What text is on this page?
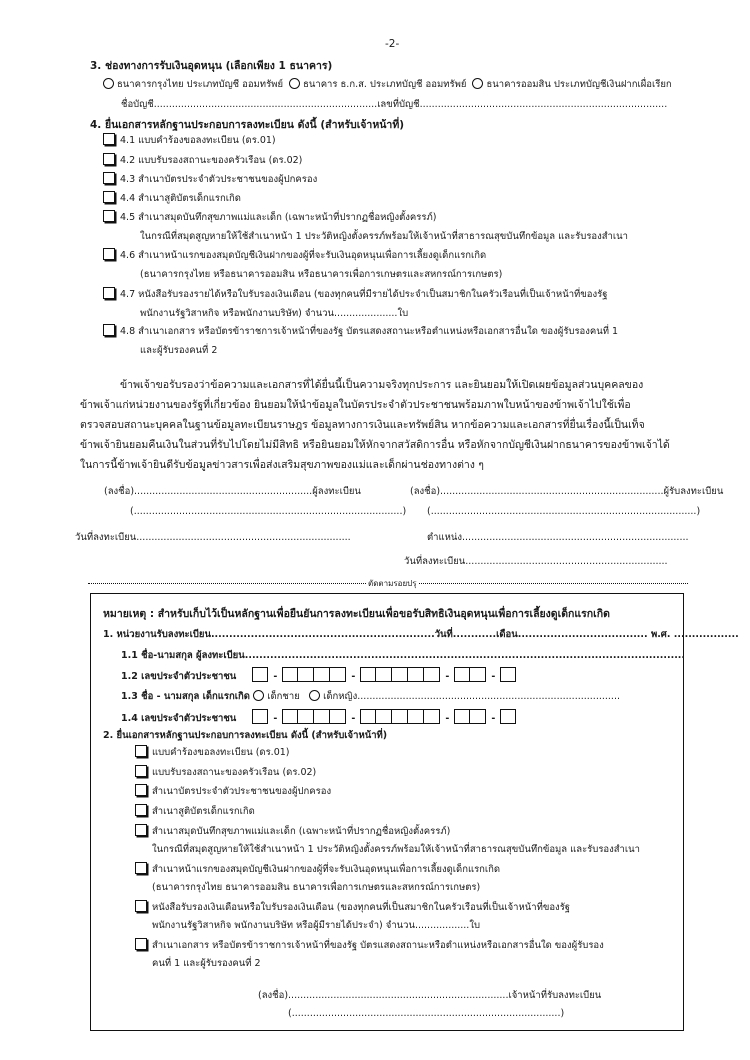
-2-
3. ช่องทางการรับเงินอุดหนุน (เลือกเพียง 1 ธนาคาร)
ธนาคารกรุงไทย ประเภทบัญชี ออมทรัพย์ ธนาคาร ธ.ก.ส. ประเภทบัญชี ออมทรัพย์ ธนาคารออมสิน ประเภทบัญชีเงินฝากเผื่อเรียก
ชื่อบัญชี..........................................................................เลขที่บัญชี..................................................................................
4. ยื่นเอกสารหลักฐานประกอบการลงทะเบียน ดังนี้ (สำหรับเจ้าหน้าที่)
4.1 แบบคำร้องขอลงทะเบียน (ดร.01)
4.2 แบบรับรองสถานะของครัวเรือน (ดร.02)
4.3 สำเนาบัตรประจำตัวประชาชนของผู้ปกครอง
4.4 สำเนาสูติบัตรเด็กแรกเกิด
4.5 สำเนาสมุดบันทึกสุขภาพแม่และเด็ก (เฉพาะหน้าที่ปรากฏชื่อหญิงตั้งครรภ์)
ในกรณีที่สมุดสูญหายให้ใช้สำเนาหน้า 1 ประวัติหญิงตั้งครรภ์พร้อมให้เจ้าหน้าที่สาธารณสุขบันทึกข้อมูล และรับรองสำเนา
4.6 สำเนาหน้าแรกของสมุดบัญชีเงินฝากของผู้ที่จะรับเงินอุดหนุนเพื่อการเลี้ยงดูเด็กแรกเกิด
(ธนาคารกรุงไทย หรือธนาคารออมสิน หรือธนาคารเพื่อการเกษตรและสหกรณ์การเกษตร)
4.7 หนังสือรับรองรายได้หรือใบรับรองเงินเดือน (ของทุกคนที่มีรายได้ประจำเป็นสมาชิกในครัวเรือนที่เป็นเจ้าหน้าที่ของรัฐ
พนักงานรัฐวิสาหกิจ หรือพนักงานบริษัท) จำนวน.....................ใบ
4.8 สำเนาเอกสาร หรือบัตรข้าราชการเจ้าหน้าที่ของรัฐ บัตรแสดงสถานะหรือตำแหน่งหรือเอกสารอื่นใด ของผู้รับรองคนที่ 1
และผู้รับรองคนที่ 2
ข้าพเจ้าขอรับรองว่าข้อความและเอกสารที่ได้ยื่นนี้เป็นความจริงทุกประการ และยินยอมให้เปิดเผยข้อมูลส่วนบุคคลของ
ข้าพเจ้าแก่หน่วยงานของรัฐที่เกี่ยวข้อง ยินยอมให้นำข้อมูลในบัตรประจำตัวประชาชนพร้อมภาพใบหน้าของข้าพเจ้าไปใช้เพื่อ
ตรวจสอบสถานะบุคคลในฐานข้อมูลทะเบียนราษฎร ข้อมูลทางการเงินและทรัพย์สิน หากข้อความและเอกสารที่ยื่นเรื่องนี้เป็นเท็จ
ข้าพเจ้ายินยอมคืนเงินในส่วนที่รับไปโดยไม่มีสิทธิ หรือยินยอมให้หักจากสวัสดิการอื่น หรือหักจากบัญชีเงินฝากธนาคารของข้าพเจ้าได้
ในการนี้ข้าพเจ้ายินดีรับข้อมูลข่าวสารเพื่อส่งเสริมสุขภาพของแม่และเด็กผ่านช่องทางต่าง ๆ
(ลงชื่อ)...........................................................ผู้ลงทะเบียน
(.........................................................................................)
วันที่ลงทะเบียน.......................................................................
(ลงชื่อ)..........................................................................ผู้รับลงทะเบียน
(........................................................................................)
ตำแหน่ง...........................................................................
วันที่ลงทะเบียน...................................................................
ตัดตามรอยปรุ
หมายเหตุ : สำหรับเก็บไว้เป็นหลักฐานเพื่อยืนยันการลงทะเบียนเพื่อขอรับสิทธิเงินอุดหนุนเพื่อการเลี้ยงดูเด็กแรกเกิด
1. หน่วยงานรับลงทะเบียน..............................................................วันที่............เดือน.................................... พ.ศ. ..................
1.1 ชื่อ-นามสกุล ผู้ลงทะเบียน..........................................................................................................................
1.2 เลขประจำตัวประชาชน	-	-	-	-
1.3 ชื่อ - นามสกุล เด็กแรกเกิด เด็กชาย เด็กหญิง.......................................................................................
1.4 เลขประจำตัวประชาชน	-	-	-	-
2. ยื่นเอกสารหลักฐานประกอบการลงทะเบียน ดังนี้ (สำหรับเจ้าหน้าที่)
แบบคำร้องขอลงทะเบียน (ดร.01)
แบบรับรองสถานะของครัวเรือน (ดร.02)
สำเนาบัตรประจำตัวประชาชนของผู้ปกครอง
สำเนาสูติบัตรเด็กแรกเกิด
สำเนาสมุดบันทึกสุขภาพแม่และเด็ก (เฉพาะหน้าที่ปรากฏชื่อหญิงตั้งครรภ์)
ในกรณีที่สมุดสูญหายให้ใช้สำเนาหน้า 1 ประวัติหญิงตั้งครรภ์พร้อมให้เจ้าหน้าที่สาธารณสุขบันทึกข้อมูล และรับรองสำเนา
สำเนาหน้าแรกของสมุดบัญชีเงินฝากของผู้ที่จะรับเงินอุดหนุนเพื่อการเลี้ยงดูเด็กแรกเกิด
(ธนาคารกรุงไทย ธนาคารออมสิน ธนาคารเพื่อการเกษตรและสหกรณ์การเกษตร)
หนังสือรับรองเงินเดือนหรือใบรับรองเงินเดือน (ของทุกคนที่เป็นสมาชิกในครัวเรือนที่เป็นเจ้าหน้าที่ของรัฐ
พนักงานรัฐวิสาหกิจ พนักงานบริษัท หรือผู้มีรายได้ประจำ) จำนวน..................ใบ
สำเนาเอกสาร หรือบัตรข้าราชการเจ้าหน้าที่ของรัฐ บัตรแสดงสถานะหรือตำแหน่งหรือเอกสารอื่นใด ของผู้รับรอง
คนที่ 1 และผู้รับรองคนที่ 2
(ลงชื่อ).........................................................................เจ้าหน้าที่รับลงทะเบียน
(.........................................................................................)
